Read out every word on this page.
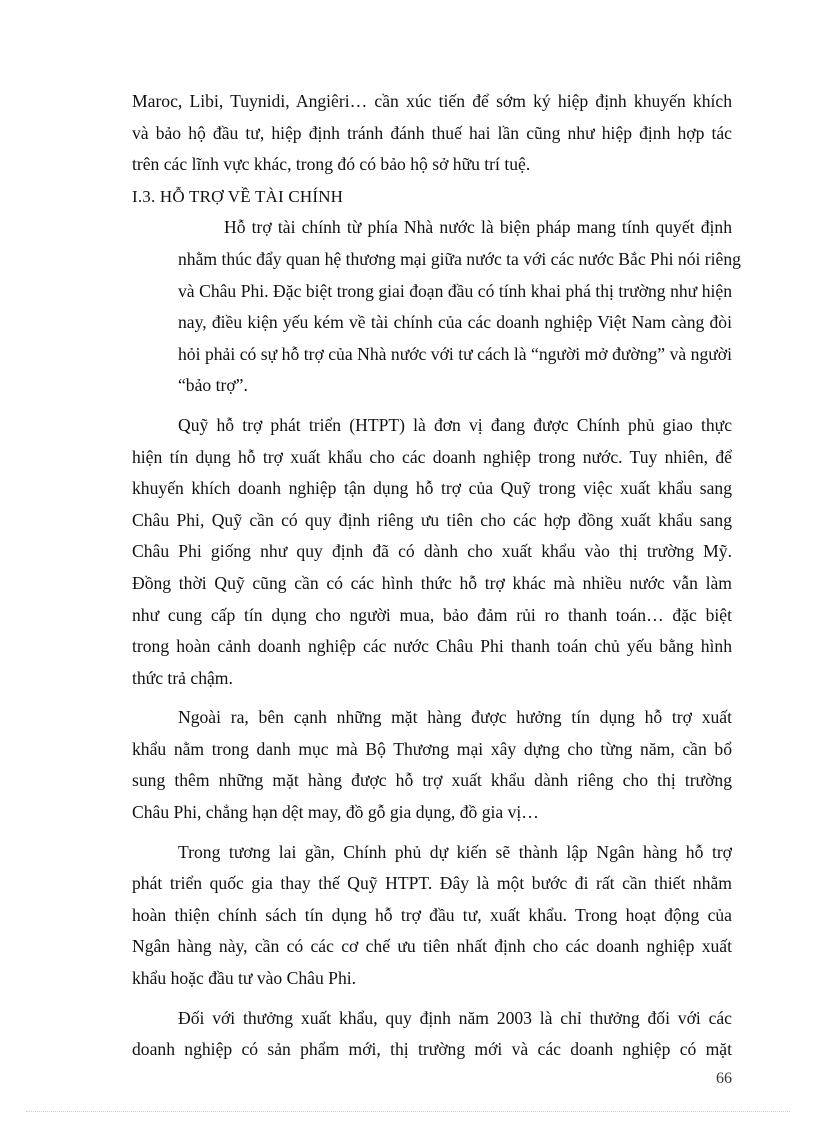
Maroc, Libi, Tuynidi, Angiêri… cần xúc tiến để sớm ký hiệp định khuyến khích
và bảo hộ đầu tư, hiệp định tránh đánh thuế hai lần cũng như hiệp định hợp tác
trên các lĩnh vực khác, trong đó có bảo hộ sở hữu trí tuệ.

I.3. HỖ TRỢ VỀ TÀI CHÍNH

Hỗ trợ tài chính từ phía Nhà nước là biện pháp mang tính quyết định
nhằm thúc đẩy quan hệ thương mại giữa nước ta với các nước Bắc Phi nói riêng
và Châu Phi. Đặc biệt trong giai đoạn đầu có tính khai phá thị trường như hiện
nay, điều kiện yếu kém về tài chính của các doanh nghiệp Việt Nam càng đòi
hỏi phải có sự hỗ trợ của Nhà nước với tư cách là “người mở đường” và người
“bảo trợ”.

Quỹ hỗ trợ phát triển (HTPT) là đơn vị đang được Chính phủ giao thực
hiện tín dụng hỗ trợ xuất khẩu cho các doanh nghiệp trong nước. Tuy nhiên, để
khuyến khích doanh nghiệp tận dụng hỗ trợ của Quỹ trong việc xuất khẩu sang
Châu Phi, Quỹ cần có quy định riêng ưu tiên cho các hợp đồng xuất khẩu sang
Châu Phi giống như quy định đã có dành cho xuất khẩu vào thị trường Mỹ.
Đồng thời Quỹ cũng cần có các hình thức hỗ trợ khác mà nhiều nước vẫn làm
như cung cấp tín dụng cho người mua, bảo đảm rủi ro thanh toán… đặc biệt
trong hoàn cảnh doanh nghiệp các nước Châu Phi thanh toán chủ yếu bằng hình
thức trả chậm.

Ngoài ra, bên cạnh những mặt hàng được hưởng tín dụng hỗ trợ xuất
khẩu nằm trong danh mục mà Bộ Thương mại xây dựng cho từng năm, cần bổ
sung thêm những mặt hàng được hỗ trợ xuất khẩu dành riêng cho thị trường
Châu Phi, chẳng hạn dệt may, đồ gỗ gia dụng, đồ gia vị…

Trong tương lai gần, Chính phủ dự kiến sẽ thành lập Ngân hàng hỗ trợ
phát triển quốc gia thay thế Quỹ HTPT. Đây là một bước đi rất cần thiết nhằm
hoàn thiện chính sách tín dụng hỗ trợ đầu tư, xuất khẩu. Trong hoạt động của
Ngân hàng này, cần có các cơ chế ưu tiên nhất định cho các doanh nghiệp xuất
khẩu hoặc đầu tư vào Châu Phi.

Đối với thưởng xuất khẩu, quy định năm 2003 là chỉ thưởng đối với các
doanh nghiệp có sản phẩm mới, thị trường mới và các doanh nghiệp có mặt

66
